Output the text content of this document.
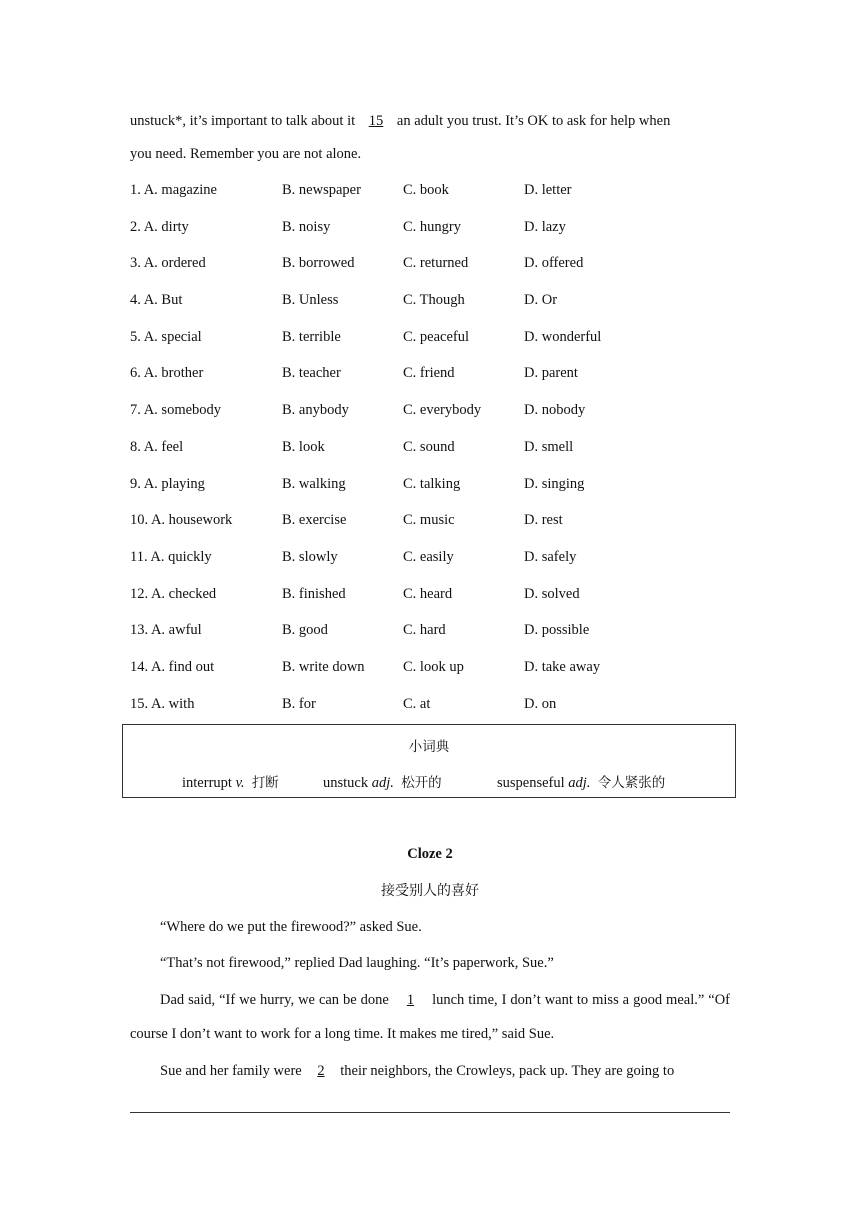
unstuck*, it’s important to talk about it 15 an adult you trust. It’s OK to ask for help when
you need. Remember you are not alone.
1. A. magazine	B. newspaper	C. book	D. letter
2. A. dirty	B. noisy	C. hungry	D. lazy
3. A. ordered	B. borrowed	C. returned	D. offered
4. A. But	B. Unless	C. Though	D. Or
5. A. special	B. terrible	C. peaceful	D. wonderful
6. A. brother	B. teacher	C. friend	D. parent
7. A. somebody	B. anybody	C. everybody	D. nobody
8. A. feel	B. look	C. sound	D. smell
9. A. playing	B. walking	C. talking	D. singing
10. A. housework	B. exercise	C. music	D. rest
11. A. quickly	B. slowly	C. easily	D. safely
12. A. checked	B. finished	C. heard	D. solved
13. A. awful	B. good	C. hard	D. possible
14. A. find out	B. write down	C. look up	D. take away
15. A. with	B. for	C. at	D. on
小词典
interrupt v. 打断	unstuck adj. 松开的	suspenseful adj. 令人紧张的
Cloze 2
接受别人的喜好
“Where do we put the firewood?” asked Sue.
“That’s not firewood,” replied Dad laughing. “It’s paperwork, Sue.”
Dad said, “If we hurry, we can be done 1 lunch time, I don’t want to miss a good meal.” “Of course I don’t want to work for a long time. It makes me tired,” said Sue.
Sue and her family were 2 their neighbors, the Crowleys, pack up. They are going to
